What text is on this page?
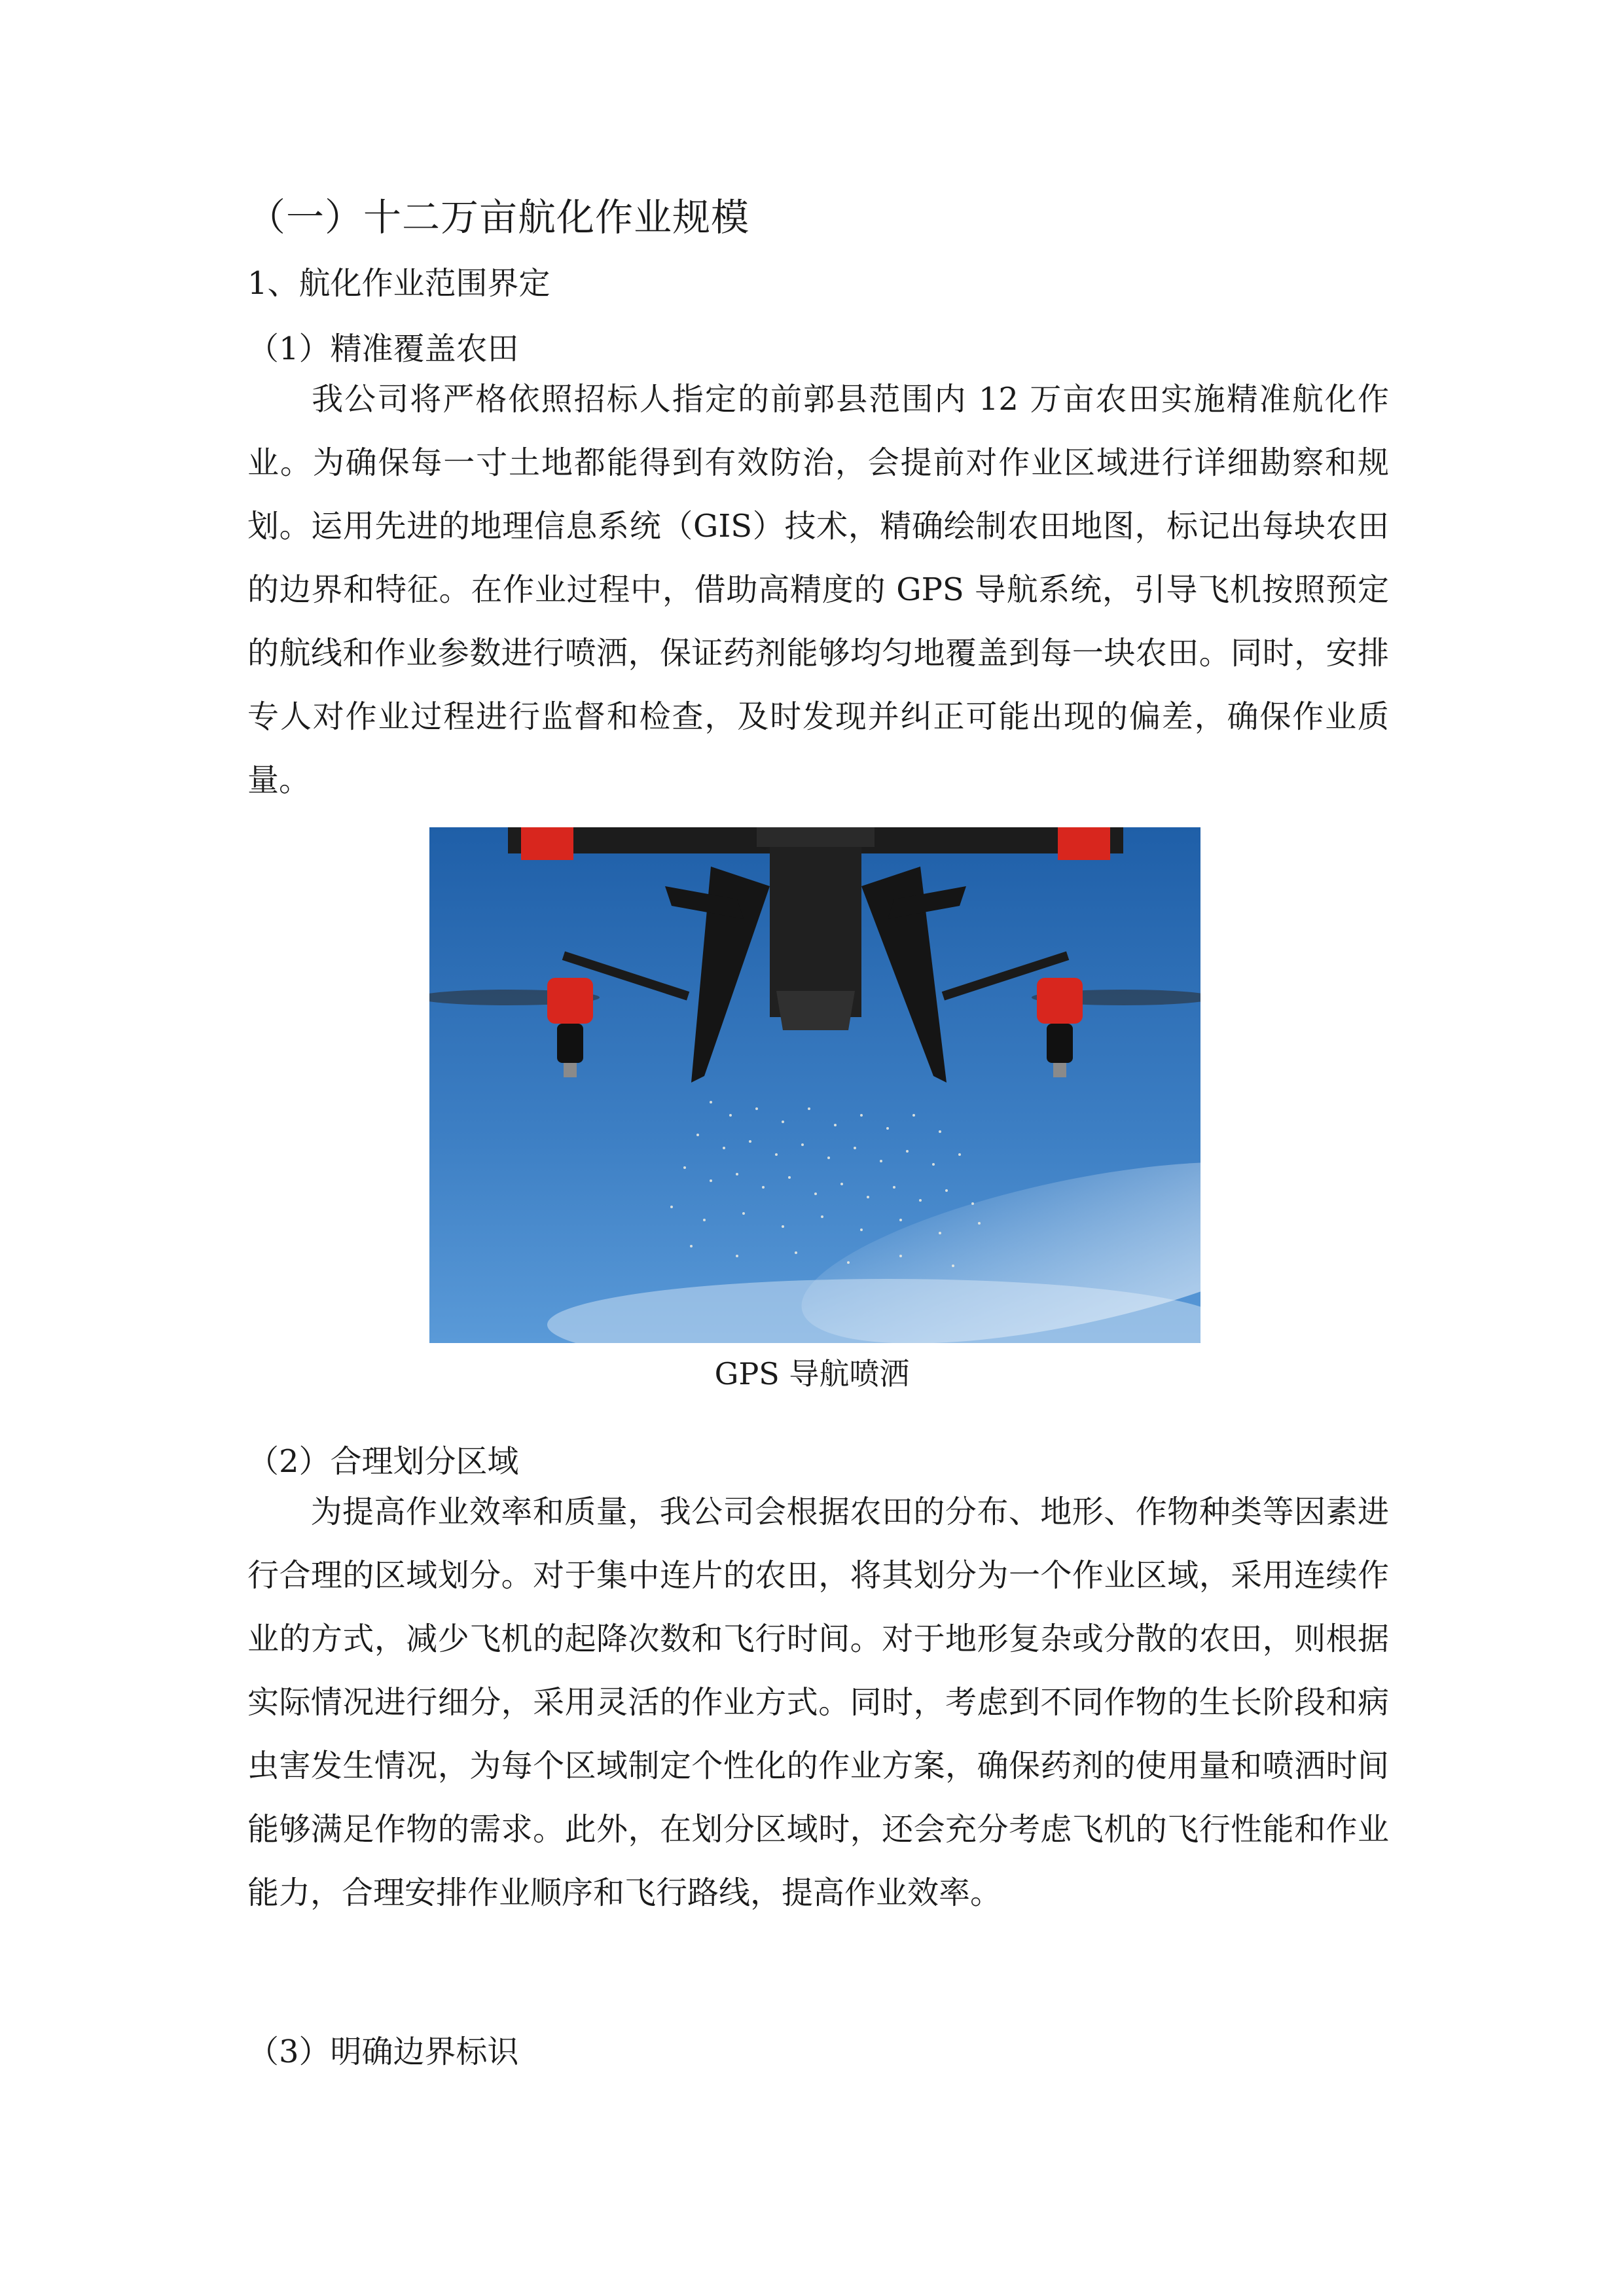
（一）十二万亩航化作业规模
1、航化作业范围界定
（1）精准覆盖农田

我公司将严格依照招标人指定的前郭县范围内 12 万亩农田实施精准航化作业。为确保每一寸土地都能得到有效防治，会提前对作业区域进行详细勘察和规划。运用先进的地理信息系统（GIS）技术，精确绘制农田地图，标记出每块农田的边界和特征。在作业过程中，借助高精度的 GPS 导航系统，引导飞机按照预定的航线和作业参数进行喷洒，保证药剂能够均匀地覆盖到每一块农田。同时，安排专人对作业过程进行监督和检查，及时发现并纠正可能出现的偏差，确保作业质量。

GPS 导航喷洒
（2）合理划分区域

为提高作业效率和质量，我公司会根据农田的分布、地形、作物种类等因素进行合理的区域划分。对于集中连片的农田，将其划分为一个作业区域，采用连续作业的方式，减少飞机的起降次数和飞行时间。对于地形复杂或分散的农田，则根据实际情况进行细分，采用灵活的作业方式。同时，考虑到不同作物的生长阶段和病虫害发生情况，为每个区域制定个性化的作业方案，确保药剂的使用量和喷洒时间能够满足作物的需求。此外，在划分区域时，还会充分考虑飞机的飞行性能和作业能力，合理安排作业顺序和飞行路线，提高作业效率。

（3）明确边界标识
